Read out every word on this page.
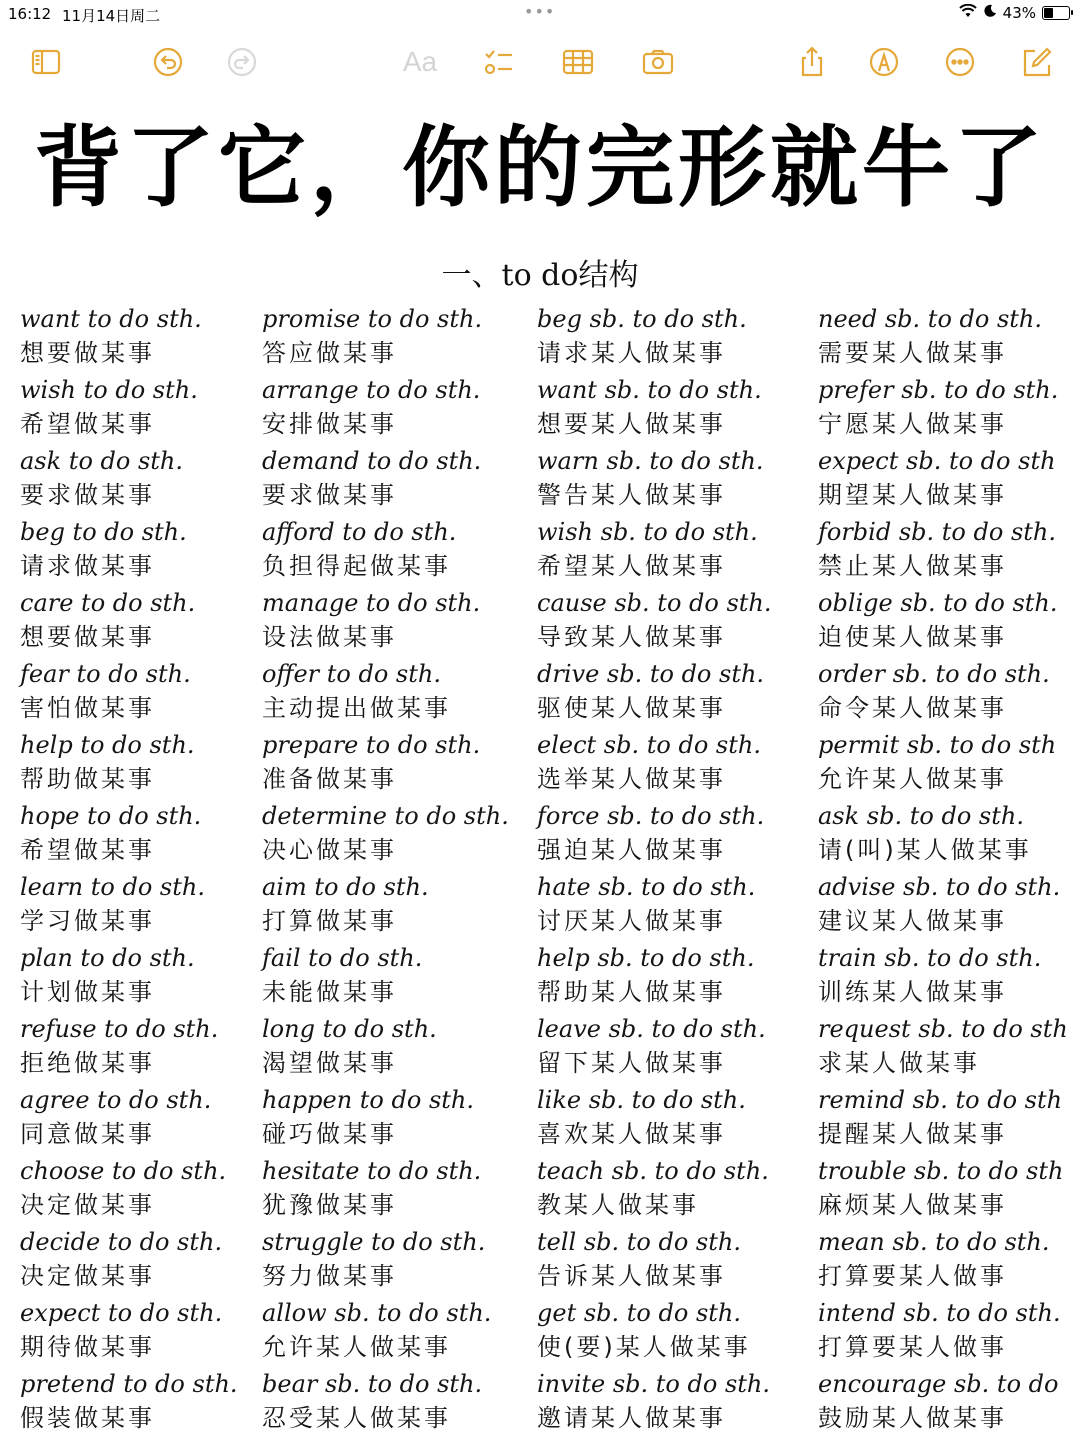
16:12 11月14日周二	•••	43%
Aa
背了它，你的完形就牛了
一、to do结构
want to do sth.
想要做某事
wish to do sth.
希望做某事
ask to do sth.
要求做某事
beg to do sth.
请求做某事
care to do sth.
想要做某事
fear to do sth.
害怕做某事
help to do sth.
帮助做某事
hope to do sth.
希望做某事
learn to do sth.
学习做某事
plan to do sth.
计划做某事
refuse to do sth.
拒绝做某事
agree to do sth.
同意做某事
choose to do sth.
决定做某事
decide to do sth.
决定做某事
expect to do sth.
期待做某事
pretend to do sth.
假装做某事
promise to do sth.
答应做某事
arrange to do sth.
安排做某事
demand to do sth.
要求做某事
afford to do sth.
负担得起做某事
manage to do sth.
设法做某事
offer to do sth.
主动提出做某事
prepare to do sth.
准备做某事
determine to do sth.
决心做某事
aim to do sth.
打算做某事
fail to do sth.
未能做某事
long to do sth.
渴望做某事
happen to do sth.
碰巧做某事
hesitate to do sth.
犹豫做某事
struggle to do sth.
努力做某事
allow sb. to do sth.
允许某人做某事
bear sb. to do sth.
忍受某人做某事
beg sb. to do sth.
请求某人做某事
want sb. to do sth.
想要某人做某事
warn sb. to do sth.
警告某人做某事
wish sb. to do sth.
希望某人做某事
cause sb. to do sth.
导致某人做某事
drive sb. to do sth.
驱使某人做某事
elect sb. to do sth.
选举某人做某事
force sb. to do sth.
强迫某人做某事
hate sb. to do sth.
讨厌某人做某事
help sb. to do sth.
帮助某人做某事
leave sb. to do sth.
留下某人做某事
like sb. to do sth.
喜欢某人做某事
teach sb. to do sth.
教某人做某事
tell sb. to do sth.
告诉某人做某事
get sb. to do sth.
使(要)某人做某事
invite sb. to do sth.
邀请某人做某事
need sb. to do sth.
需要某人做某事
prefer sb. to do sth.
宁愿某人做某事
expect sb. to do sth
期望某人做某事
forbid sb. to do sth.
禁止某人做某事
oblige sb. to do sth.
迫使某人做某事
order sb. to do sth.
命令某人做某事
permit sb. to do sth
允许某人做某事
ask sb. to do sth.
请(叫)某人做某事
advise sb. to do sth.
建议某人做某事
train sb. to do sth.
训练某人做某事
request sb. to do sth
求某人做某事
remind sb. to do sth
提醒某人做某事
trouble sb. to do sth
麻烦某人做某事
mean sb. to do sth.
打算要某人做事
intend sb. to do sth.
打算要某人做事
encourage sb. to do
鼓励某人做某事
